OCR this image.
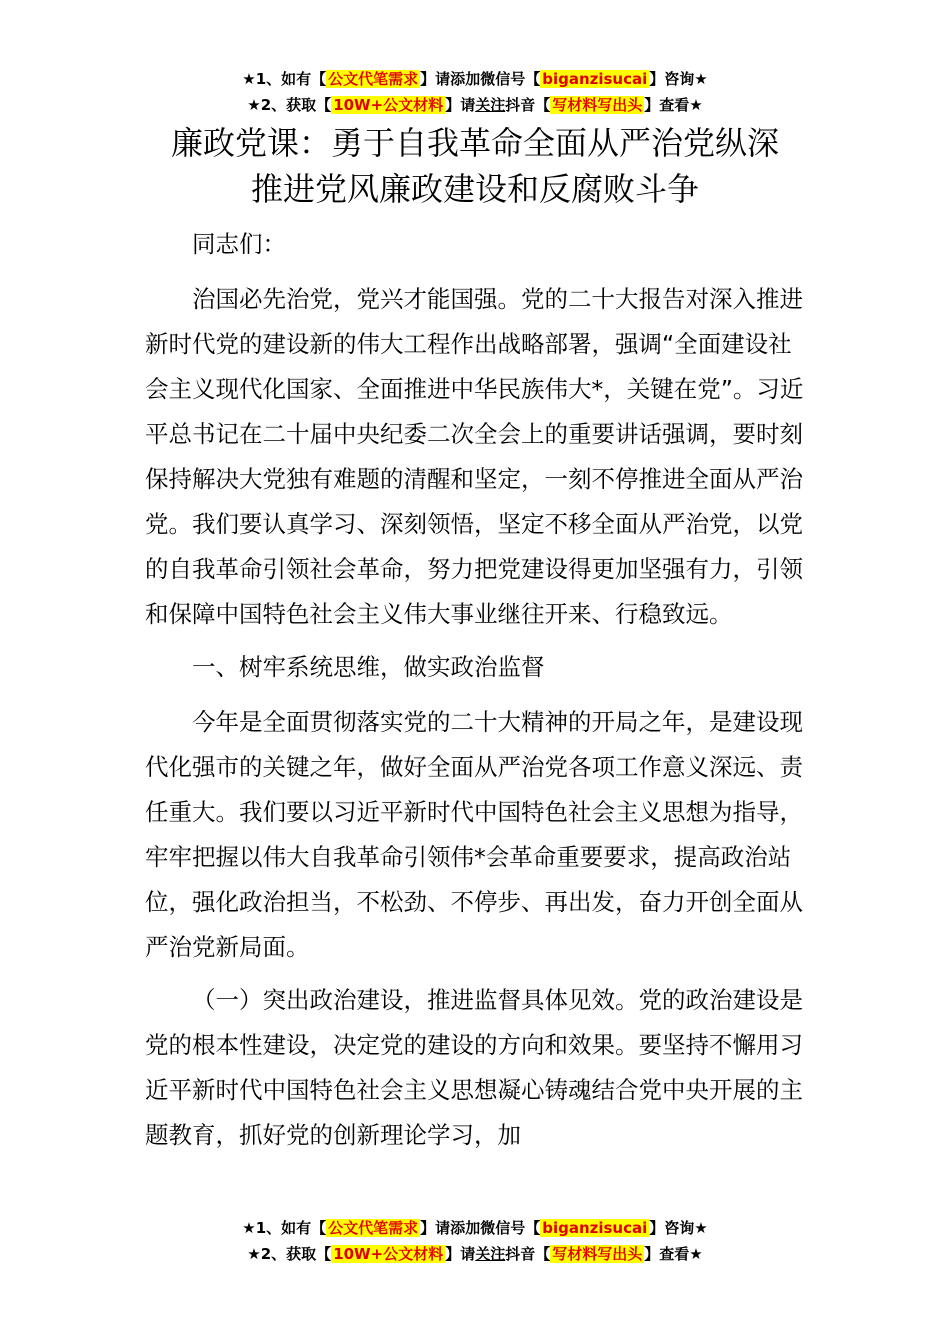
★1、如有【 公文代笔需求 】请添加微信号【 biganzisucai 】咨询★
★2、获取【 10W+公文材料 】请关注抖音【 写材料写出头 】查看★
廉政党课：勇于自我革命全面从严治党纵深
推进党风廉政建设和反腐败斗争

同志们：

治国必先治党，党兴才能国强。党的二十大报告对深入推进新时代党的建设新的伟大工程作出战略部署，强调“全面建设社会主义现代化国家、全面推进中华民族伟大*，关键在党”。习近平总书记在二十届中央纪委二次全会上的重要讲话强调，要时刻保持解决大党独有难题的清醒和坚定，一刻不停推进全面从严治党。我们要认真学习、深刻领悟，坚定不移全面从严治党，以党的自我革命引领社会革命，努力把党建设得更加坚强有力，引领和保障中国特色社会主义伟大事业继往开来、行稳致远。

一、树牢系统思维，做实政治监督

今年是全面贯彻落实党的二十大精神的开局之年，是建设现代化强市的关键之年，做好全面从严治党各项工作意义深远、责任重大。我们要以习近平新时代中国特色社会主义思想为指导，牢牢把握以伟大自我革命引领伟*会革命重要要求，提高政治站位，强化政治担当，不松劲、不停步、再出发，奋力开创全面从严治党新局面。

（一）突出政治建设，推进监督具体见效。党的政治建设是党的根本性建设，决定党的建设的方向和效果。要坚持不懈用习近平新时代中国特色社会主义思想凝心铸魂结合党中央开展的主题教育，抓好党的创新理论学习，加

★1、如有【 公文代笔需求 】请添加微信号【 biganzisucai 】咨询★
★2、获取【 10W+公文材料 】请关注抖音【 写材料写出头 】查看★
